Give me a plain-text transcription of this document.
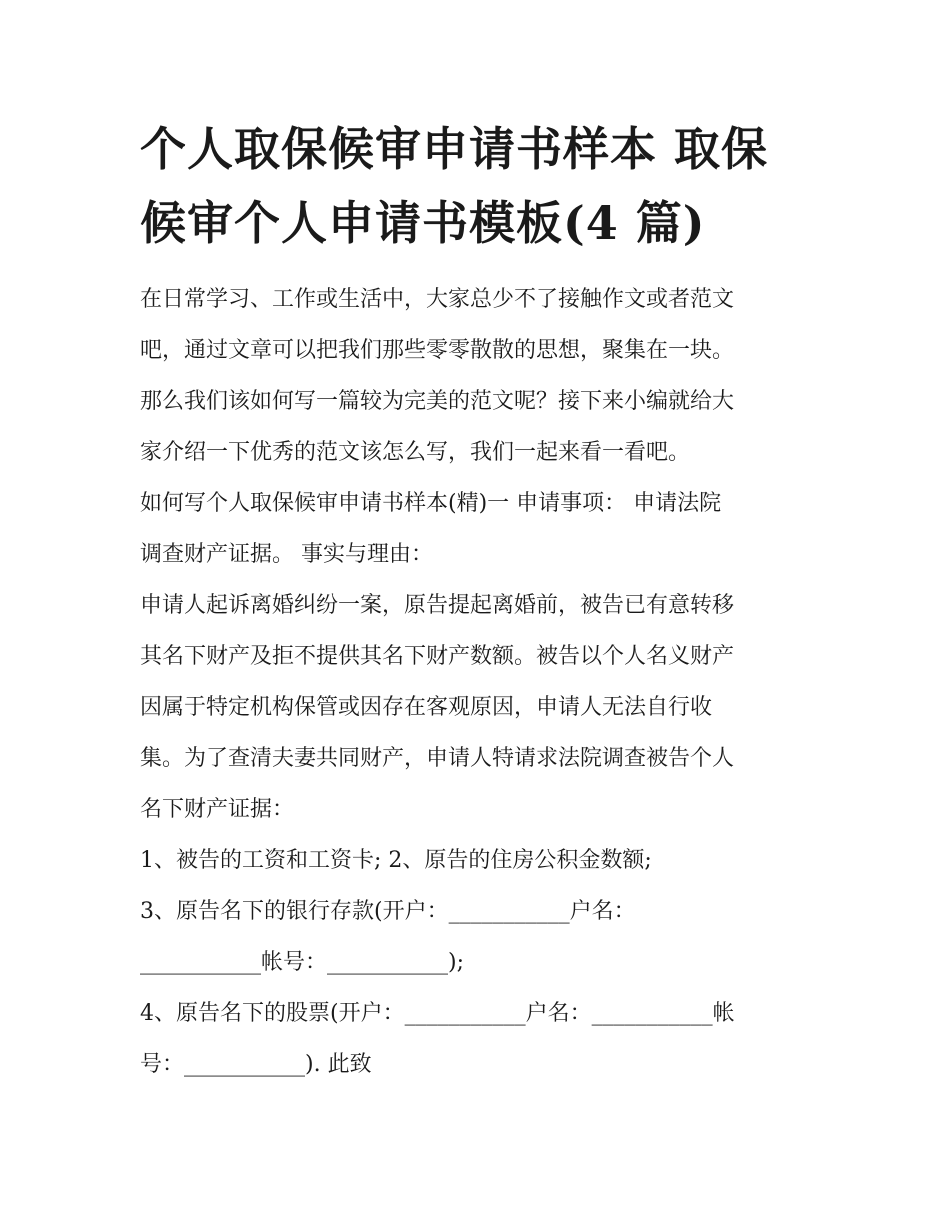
个人取保候审申请书样本 取保
候审个人申请书模板(4 篇)

在日常学习、工作或生活中，大家总少不了接触作文或者范文
吧，通过文章可以把我们那些零零散散的思想，聚集在一块。
那么我们该如何写一篇较为完美的范文呢？接下来小编就给大
家介绍一下优秀的范文该怎么写，我们一起来看一看吧。

如何写个人取保候审申请书样本(精)一 申请事项： 申请法院
调查财产证据。 事实与理由：

申请人起诉离婚纠纷一案，原告提起离婚前，被告已有意转移
其名下财产及拒不提供其名下财产数额。被告以个人名义财产
因属于特定机构保管或因存在客观原因，申请人无法自行收
集。为了查清夫妻共同财产，申请人特请求法院调查被告个人
名下财产证据：

1、被告的工资和工资卡; 2、原告的住房公积金数额;

3、原告名下的银行存款(开户：___________户名：
___________帐号：___________);

4、原告名下的股票(开户：___________户名：___________帐
号：___________). 此致
